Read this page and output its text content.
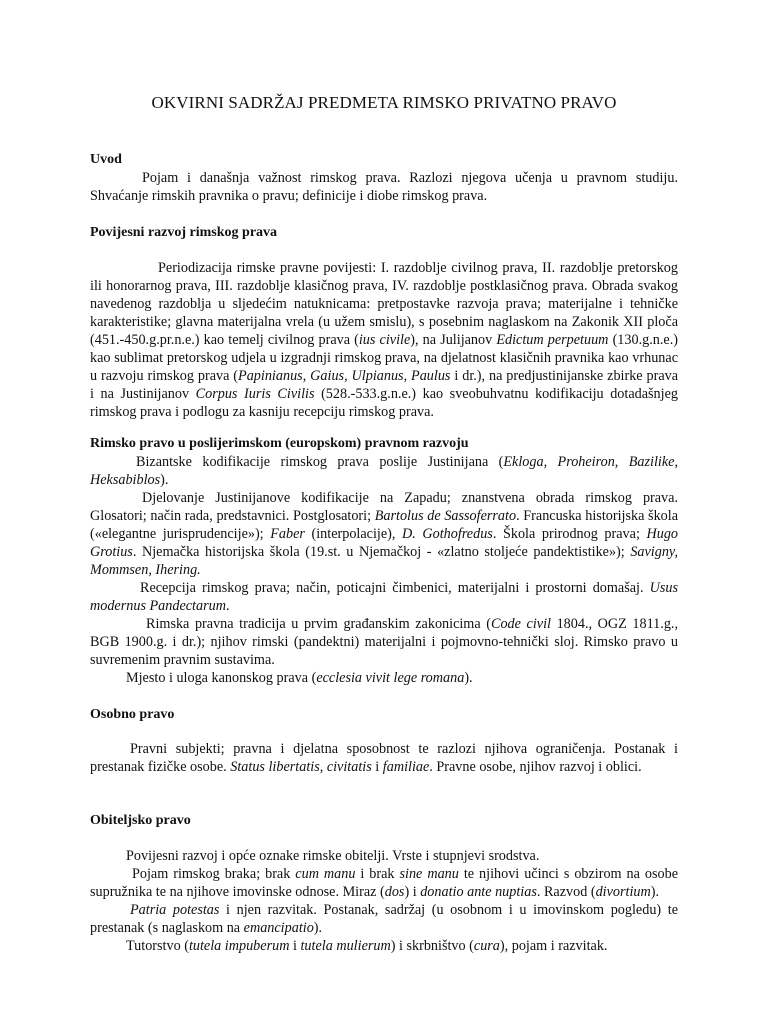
OKVIRNI SADRŽAJ PREDMETA RIMSKO PRIVATNO PRAVO

Uvod

Pojam i današnja važnost rimskog prava. Razlozi njegova učenja u pravnom studiju. Shvaćanje rimskih pravnika o pravu; definicije i diobe rimskog prava.

Povijesni razvoj rimskog prava

Periodizacija rimske pravne povijesti: I. razdoblje civilnog prava, II. razdoblje pretorskog ili honorarnog prava, III. razdoblje klasičnog prava, IV. razdoblje postklasičnog prava. Obrada svakog navedenog razdoblja u sljedećim natuknicama: pretpostavke razvoja prava; materijalne i tehničke karakteristike; glavna materijalna vrela (u užem smislu), s posebnim naglaskom na Zakonik XII ploča (451.-450.g.pr.n.e.) kao temelj civilnog prava (ius civile), na Julijanov Edictum perpetuum (130.g.n.e.) kao sublimat pretorskog udjela u izgradnji rimskog prava, na djelatnost klasičnih pravnika kao vrhunac u razvoju rimskog prava (Papinianus, Gaius, Ulpianus, Paulus i dr.), na predjustinijanske zbirke prava i na Justinijanov Corpus Iuris Civilis (528.-533.g.n.e.) kao sveobuhvatnu kodifikaciju dotadašnjeg rimskog prava i podlogu za kasniju recepciju rimskog prava.

Rimsko pravo u poslijerimskom (europskom) pravnom razvoju

Bizantske kodifikacije rimskog prava poslije Justinijana (Ekloga, Proheiron, Bazilike, Heksabiblos).

Djelovanje Justinijanove kodifikacije na Zapadu; znanstvena obrada rimskog prava. Glosatori; način rada, predstavnici. Postglosatori; Bartolus de Sassoferrato. Francuska historijska škola («elegantne jurisprudencije»); Faber (interpolacije), D. Gothofredus. Škola prirodnog prava; Hugo Grotius. Njemačka historijska škola (19.st. u Njemačkoj - «zlatno stoljeće pandektistike»); Savigny, Mommsen, Ihering.

Recepcija rimskog prava; način, poticajni čimbenici, materijalni i prostorni domašaj. Usus modernus Pandectarum.

Rimska pravna tradicija u prvim građanskim zakonicima (Code civil 1804., OGZ 1811.g., BGB 1900.g. i dr.); njihov rimski (pandektni) materijalni i pojmovno-tehnički sloj. Rimsko pravo u suvremenim pravnim sustavima.

Mjesto i uloga kanonskog prava (ecclesia vivit lege romana).

Osobno pravo

Pravni subjekti; pravna i djelatna sposobnost te razlozi njihova ograničenja. Postanak i prestanak fizičke osobe. Status libertatis, civitatis i familiae. Pravne osobe, njihov razvoj i oblici.

Obiteljsko pravo

Povijesni razvoj i opće oznake rimske obitelji. Vrste i stupnjevi srodstva.

Pojam rimskog braka; brak cum manu i brak sine manu te njihovi učinci s obzirom na osobe supružnika te na njihove imovinske odnose. Miraz (dos) i donatio ante nuptias. Razvod (divortium).

Patria potestas i njen razvitak. Postanak, sadržaj (u osobnom i u imovinskom pogledu) te prestanak (s naglaskom na emancipatio).

Tutorstvo (tutela impuberum i tutela mulierum) i skrbništvo (cura), pojam i razvitak.
